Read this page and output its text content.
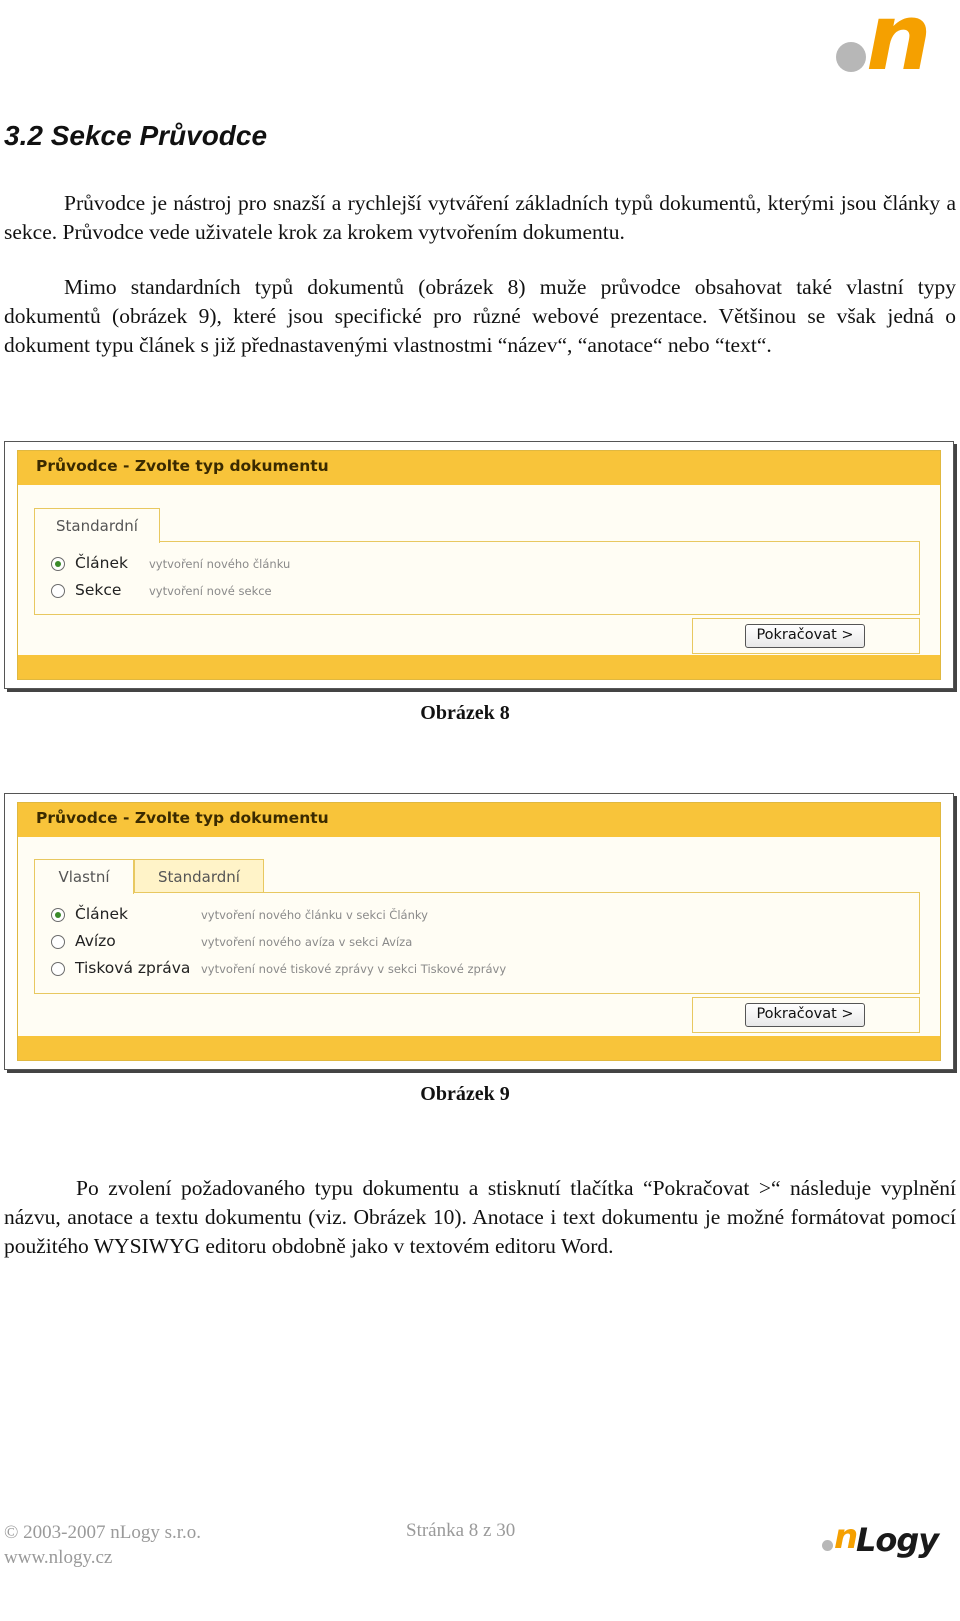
n
3.2 Sekce Průvodce

Průvodce je nástroj pro snazší a rychlejší vytváření základních typů dokumentů, kterými jsou články a sekce. Průvodce vede uživatele krok za krokem vytvořením dokumentu.

Mimo standardních typů dokumentů (obrázek 8) muže průvodce obsahovat také vlastní typy dokumentů (obrázek 9), které jsou specifické pro různé webové prezentace. Většinou se však jedná o dokument typu článek s již přednastavenými vlastnostmi “název“, “anotace“ nebo “text“.

Průvodce - Zvolte typ dokumentu
Standardní
Článek vytvoření nového článku
Sekce vytvoření nové sekce
Pokračovat >
Obrázek 8
Průvodce - Zvolte typ dokumentu
Vlastní	Standardní
Článek	vytvoření nového článku v sekci Články
Avízo	vytvoření nového avíza v sekci Avíza
Tisková zpráva vytvoření nové tiskové zprávy v sekci Tiskové zprávy
Pokračovat >
Obrázek 9

Po zvolení požadovaného typu dokumentu a stisknutí tlačítka “Pokračovat >“ následuje vyplnění názvu, anotace a textu dokumentu (viz. Obrázek 10). Anotace i text dokumentu je možné formátovat pomocí použitého WYSIWYG editoru obdobně jako v textovém editoru Word.

© 2003-2007 nLogy s.r.o.
www.nlogy.cz
Stránka 8 z 30	n
Logy
